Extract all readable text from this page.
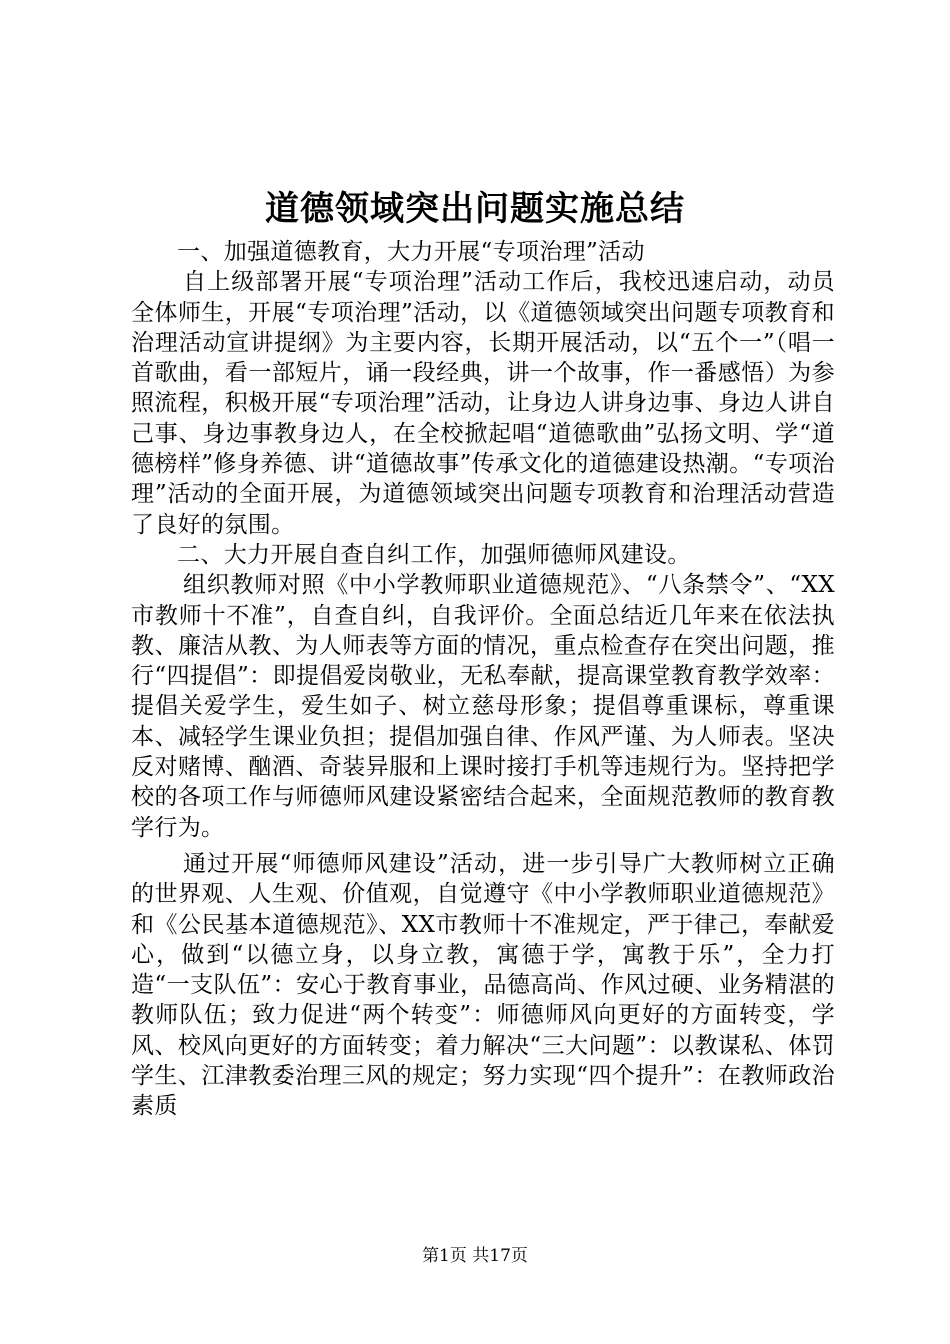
道德领域突出问题实施总结

一、加强道德教育，大力开展“专项治理”活动

自上级部署开展“专项治理”活动工作后，我校迅速启动，动员全体师生，开展“专项治理”活动，以《道德领域突出问题专项教育和治理活动宣讲提纲》为主要内容，长期开展活动，以“五个一”（唱一首歌曲，看一部短片，诵一段经典，讲一个故事，作一番感悟）为参照流程，积极开展“专项治理”活动，让身边人讲身边事、身边人讲自己事、身边事教身边人，在全校掀起唱“道德歌曲”弘扬文明、学“道德榜样”修身养德、讲“道德故事”传承文化的道德建设热潮。“专项治理”活动的全面开展，为道德领域突出问题专项教育和治理活动营造了良好的氛围。

二、大力开展自查自纠工作，加强师德师风建设。

组织教师对照《中小学教师职业道德规范》、“八条禁令”、“XX市教师十不准”，自查自纠，自我评价。全面总结近几年来在依法执教、廉洁从教、为人师表等方面的情况，重点检查存在突出问题，推行“四提倡”：即提倡爱岗敬业，无私奉献，提高课堂教育教学效率：提倡关爱学生，爱生如子、树立慈母形象；提倡尊重课标，尊重课本、减轻学生课业负担；提倡加强自律、作风严谨、为人师表。坚决反对赌博、酗酒、奇装异服和上课时接打手机等违规行为。坚持把学校的各项工作与师德师风建设紧密结合起来，全面规范教师的教育教学行为。

通过开展“师德师风建设”活动，进一步引导广大教师树立正确的世界观、人生观、价值观，自觉遵守《中小学教师职业道德规范》和《公民基本道德规范》、XX市教师十不准规定，严于律己，奉献爱心，做到“以德立身，以身立教，寓德于学，寓教于乐”，全力打造“一支队伍”：安心于教育事业，品德高尚、作风过硬、业务精湛的教师队伍；致力促进“两个转变”：师德师风向更好的方面转变，学风、校风向更好的方面转变；着力解决“三大问题”：以教谋私、体罚学生、江津教委治理三风的规定；努力实现“四个提升”：在教师政治素质

第1页 共17页
